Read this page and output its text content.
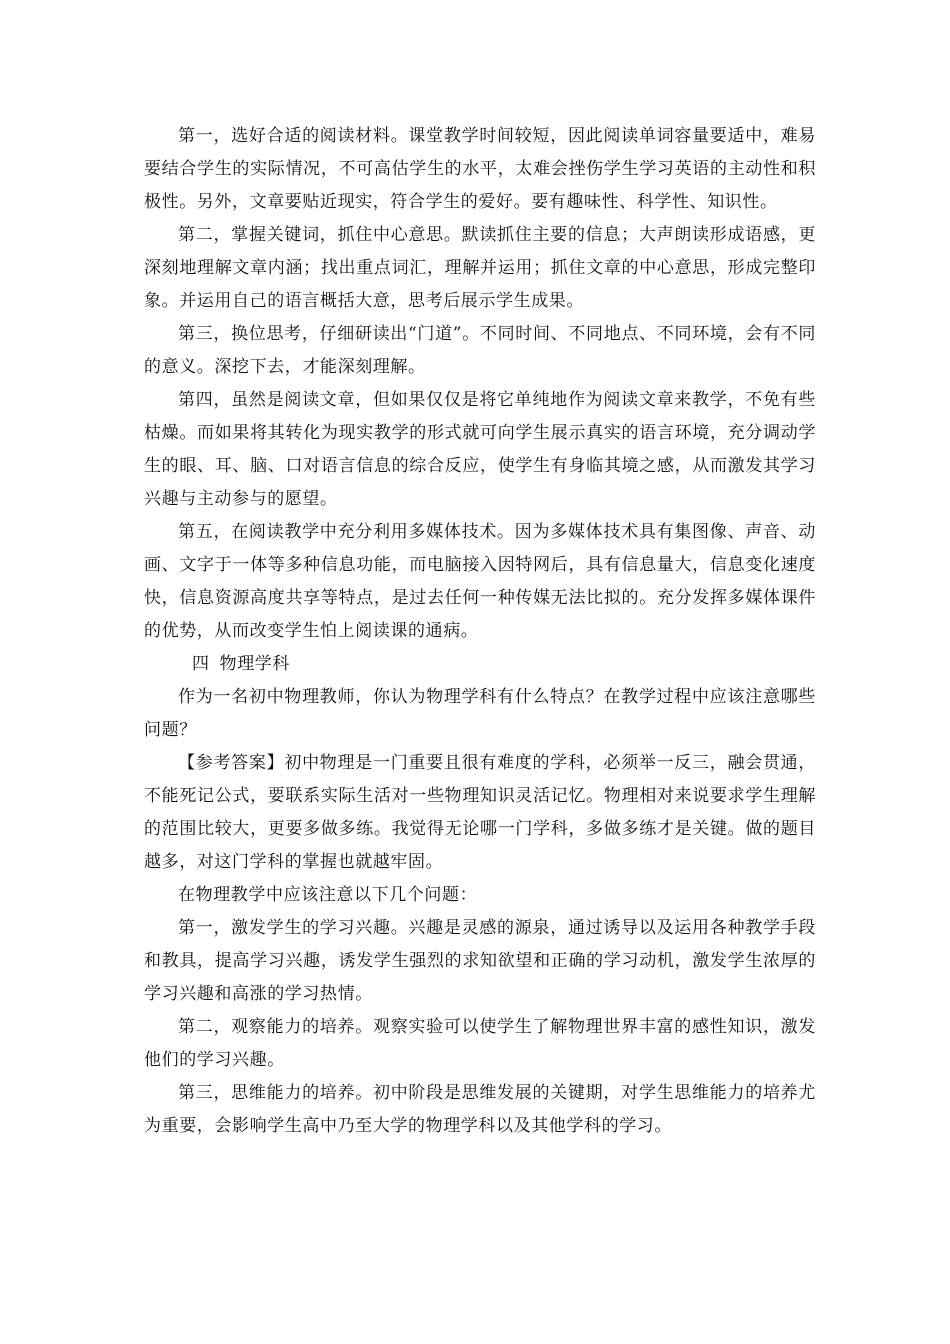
第一，选好合适的阅读材料。课堂教学时间较短，因此阅读单词容量要适中，难易要结合学生的实际情况，不可高估学生的水平，太难会挫伤学生学习英语的主动性和积极性。另外，文章要贴近现实，符合学生的爱好。要有趣味性、科学性、知识性。

第二，掌握关键词，抓住中心意思。默读抓住主要的信息；大声朗读形成语感，更深刻地理解文章内涵；找出重点词汇，理解并运用；抓住文章的中心意思，形成完整印象。并运用自己的语言概括大意，思考后展示学生成果。

第三，换位思考，仔细研读出“门道”。不同时间、不同地点、不同环境，会有不同的意义。深挖下去，才能深刻理解。

第四，虽然是阅读文章，但如果仅仅是将它单纯地作为阅读文章来教学，不免有些枯燥。而如果将其转化为现实教学的形式就可向学生展示真实的语言环境，充分调动学生的眼、耳、脑、口对语言信息的综合反应，使学生有身临其境之感，从而激发其学习兴趣与主动参与的愿望。

第五，在阅读教学中充分利用多媒体技术。因为多媒体技术具有集图像、声音、动画、文字于一体等多种信息功能，而电脑接入因特网后，具有信息量大，信息变化速度快，信息资源高度共享等特点，是过去任何一种传媒无法比拟的。充分发挥多媒体课件的优势，从而改变学生怕上阅读课的通病。

四 物理学科

作为一名初中物理教师，你认为物理学科有什么特点？在教学过程中应该注意哪些问题？

【参考答案】初中物理是一门重要且很有难度的学科，必须举一反三，融会贯通，不能死记公式，要联系实际生活对一些物理知识灵活记忆。物理相对来说要求学生理解的范围比较大，更要多做多练。我觉得无论哪一门学科，多做多练才是关键。做的题目越多，对这门学科的掌握也就越牢固。

在物理教学中应该注意以下几个问题：

第一，激发学生的学习兴趣。兴趣是灵感的源泉，通过诱导以及运用各种教学手段和教具，提高学习兴趣，诱发学生强烈的求知欲望和正确的学习动机，激发学生浓厚的学习兴趣和高涨的学习热情。

第二，观察能力的培养。观察实验可以使学生了解物理世界丰富的感性知识，激发他们的学习兴趣。

第三，思维能力的培养。初中阶段是思维发展的关键期，对学生思维能力的培养尤为重要，会影响学生高中乃至大学的物理学科以及其他学科的学习。
